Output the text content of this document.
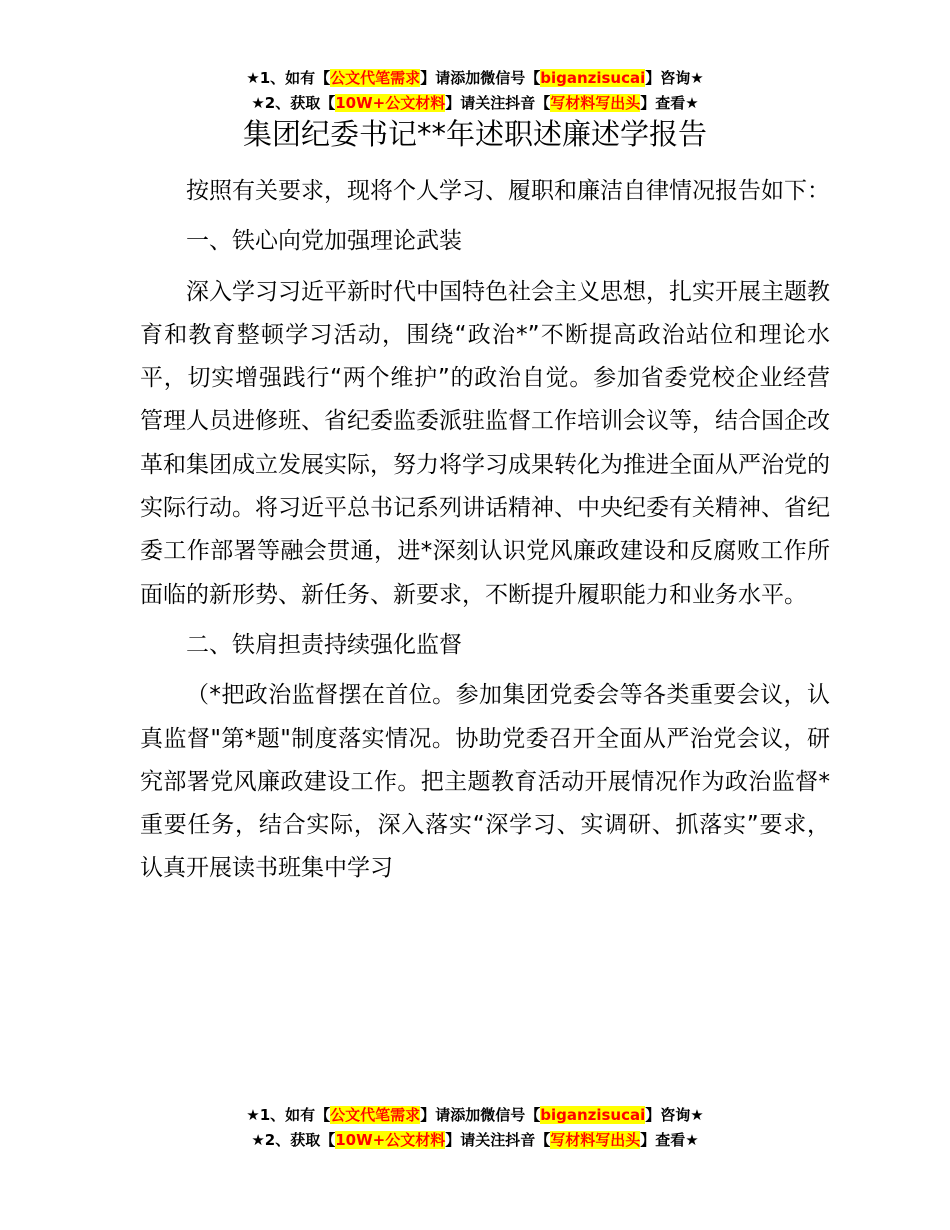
★1、如有【公文代笔需求】请添加微信号【biganzisucai】咨询★
★2、获取【10W+公文材料】请关注抖音【写材料写出头】查看★
集团纪委书记**年述职述廉述学报告

按照有关要求，现将个人学习、履职和廉洁自律情况报告如下：

一、铁心向党加强理论武装

深入学习习近平新时代中国特色社会主义思想，扎实开展主题教育和教育整顿学习活动，围绕“政治*”不断提高政治站位和理论水平，切实增强践行“两个维护”的政治自觉。参加省委党校企业经营管理人员进修班、省纪委监委派驻监督工作培训会议等，结合国企改革和集团成立发展实际，努力将学习成果转化为推进全面从严治党的实际行动。将习近平总书记系列讲话精神、中央纪委有关精神、省纪委工作部署等融会贯通，进*深刻认识党风廉政建设和反腐败工作所面临的新形势、新任务、新要求，不断提升履职能力和业务水平。

二、铁肩担责持续强化监督

（*把政治监督摆在首位。参加集团党委会等各类重要会议，认真监督"第*题"制度落实情况。协助党委召开全面从严治党会议，研究部署党风廉政建设工作。把主题教育活动开展情况作为政治监督*重要任务，结合实际，深入落实“深学习、实调研、抓落实”要求，认真开展读书班集中学习

★1、如有【公文代笔需求】请添加微信号【biganzisucai】咨询★
★2、获取【10W+公文材料】请关注抖音【写材料写出头】查看★
